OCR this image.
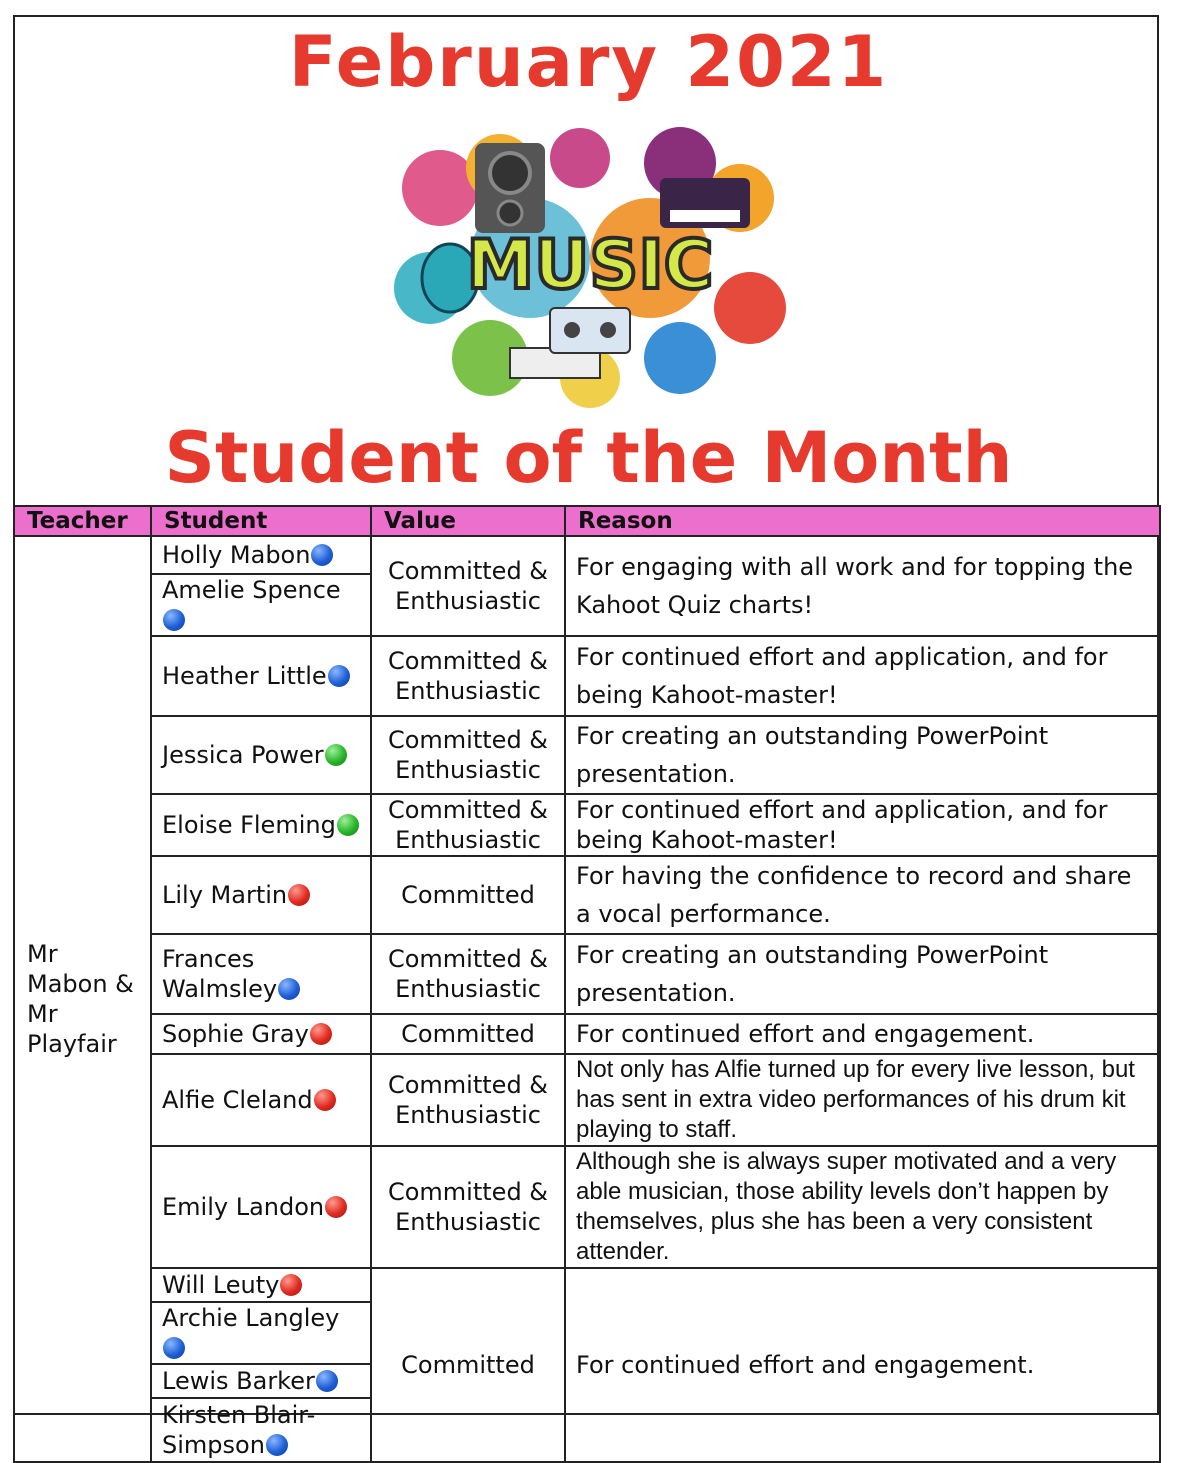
February 2021
MUSIC
Student of the Month
Teacher	Student	Value	Reason
Mr Mabon & Mr Playfair	Holly Mabon	Committed & Enthusiastic	For engaging with all work and for topping the Kahoot Quiz charts!
	Amelie Spence		
	Heather Little	Committed & Enthusiastic	For continued effort and application, and for being Kahoot-master!
	Jessica Power	Committed & Enthusiastic	For creating an outstanding PowerPoint presentation.
	Eloise Fleming	Committed & Enthusiastic	For continued effort and application, and for being Kahoot-master!
	Lily Martin	Committed	For having the confidence to record and share a vocal performance.
	Frances Walmsley	Committed & Enthusiastic	For creating an outstanding PowerPoint presentation.
	Sophie Gray	Committed	For continued effort and engagement.
	Alfie Cleland	Committed & Enthusiastic	Not only has Alfie turned up for every live lesson, but has sent in extra video performances of his drum kit playing to staff.
	Emily Landon	Committed & Enthusiastic	Although she is always super motivated and a very able musician, those ability levels don’t happen by themselves, plus she has been a very consistent attender.
	Will Leuty	Committed	For continued effort and engagement.
	Archie Langley		
	Lewis Barker		
	Kirsten Blair-Simpson		
